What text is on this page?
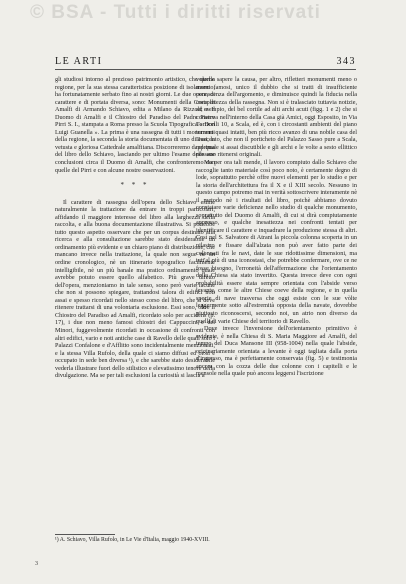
© BSA - Tutti i diritti riservati
LE ARTI	343

gli studiosi intorno al prezioso patrimonio artistico, che quella regione, per la sua stessa caratteristica posizione di isolamento, ha fortunatamente serbato fino ai nostri giorni. Le due opere, di carattere e di portata diversa, sono: Monumenti della Costa di Amalfi di Armando Schiavo, edita a Milano da Rizzoli; e Il Duomo di Amalfi e il Chiostro del Paradiso del Padre Pietro Pirri S. I., stampata a Roma presso la Scuola Tipografica « Don Luigi Guanella ». La prima è una rassegna di tutti i monumenti della regione, la seconda la storia documentata di uno di essi, la vetusta e gloriosa Cattedrale amalfitana. Discorreremo dapprima del libro dello Schiavo, lasciando per ultimo l'esame delle sue conclusioni circa il Duomo di Amalfi, che confronteremo con quelle del Pirri e con alcune nostre osservazioni.

* * *

Il carattere di rassegna dell'opera dello Schiavo esime naturalmente la trattazione da entrare in troppi particolari, affidando il maggiore interesse del libro alla larghezza della raccolta, e alla buona documentazione illustrativa. Si potrebbe tutto questo aspetto osservare che per un corpus destinato alla ricerca e alla consultazione sarebbe stato desiderabile un ordinamento più evidente e un chiaro piano di distribuzione, che mancano invece nella trattazione, la quale non segue nè un ordine cronologico, nè un itinerario topografico facilmente intelligibile, nè un più banale ma pratico ordinamento quale avrebbe potuto essere quello alfabetico. Più grave difetto dell'opera, menzioniamo in tale senso, sono però varie lacune che non si possono spiegare, trattandosi talora di edifici noti assai e spesso ricordati nello stesso corso del libro, che si deve ritenere trattarsi di una volontaria esclusione. Essi sono, oltre il Chiostro del Paradiso ad Amalfi, ricordato solo per accidens (p. 17), i due non meno famosi chiostri dei Cappuccini e dei Minori, fuggevolmente ricordati in occasione di confronti con altri edifici, vario e noti antiche case di Ravello delle quali solo i Palazzi Confalone e d'Afflitto sono incidentalmente menzionati, e la stessa Villa Rufolo, della quale ci siamo diffusi ed or si è occupato in sede ben diversa ¹), e che sarebbe stato desiderabile vederla illustrare fuori dello stilistico e elevatissimo tenore della divulgazione. Ma se per tali esclusioni la curiosità si lascia a

volerne sapere la causa, per altro, rifletteri monumenti meno o meno famosi, unico il dubbio che si tratti di insufficiente conoscenza dell'argomento, e diminuisce quindi la fiducia nella completezza della rassegna. Non si è tralasciato tuttavia notizie, ad esempio, del bel cortile ad alti archi acuti (figg. 1 e 2) che si conserva nell'interno della Casa già Amici, oggi Esposito, in Via Torricelli 10, a Scala, ed è, con i circostanti ambienti del piano terreno quasi intatti, ben più ricco avanzo di una nobile casa del Duecento, che non il porticheto del Palazzo Sasso pure a Scala, nel quale si assai discutibile e gli archi e le volte a sesto ellittico possano ritenersi originali.

Ma per ora tali mende, il lavoro compiuto dallo Schiavo che raccoglie tanto materiale così poco noto, è certamente degno di lode, soprattutto perchè offre nuovi elementi per lo studio e per la storia dell'architettura fra il X e il XIII secolo. Nessuno in questo campo potremo mai in verità sottoscrivere interamente nè il metodo nè i risultati del libro, poichè abbiamo dovuto constatare varie deficienze nello studio di qualche monumento, soprattutto del Duomo di Amalfi, di cui si dirà compiutamente appresso, e qualche inesattezza nei confronti tentati per identificare il carattere e inquadrare la produzione stessa di altri. Così nel S. Salvatore di Atrani la piccola colonna scoperta in un pilastro e fissare dall'alzata non può aver fatto parte dei colonnati fra le navi, date le sue ridottissime dimensioni, ma tutt'al più di una iconostasi, che potrebbe confermare, ove ce ne fosse bisogno, l'erroneità dell'affermazione che l'orientamento della Chiesa sia stato invertito. Questa invece deve con ogni probabilità essere stata sempre orientata con l'abside verso levante, come le altre Chiese coeve della regione, e in quella specie di nave trasversa che oggi esiste con le sue vòlte leggermente sotto all'estremità opposta della navate, dovrebbe piuttosto riconoscersi, secondo noi, un atrio non diverso da quelli di varie Chiese del territorio di Ravello.

Dove invece l'inversione dell'orientamento primitivo è evidente, è nella Chiesa di S. Maria Maggiore ad Amalfi, del tempo del Duca Mansone III (958-1004) nella quale l'abside, originariamente orientata a levante è oggi tagliata dalla porta d'ingresso, ma è perfettamente conservata (fig. 5) e testimonia ancora con la cozza delle due colonne con i capitelli e le mensole nella quale può ancora leggersi l'iscrizione

¹) A. Schiavo, Villa Rufolo, in Le Vie d'Italia, maggio 1940-XVIII.
3
